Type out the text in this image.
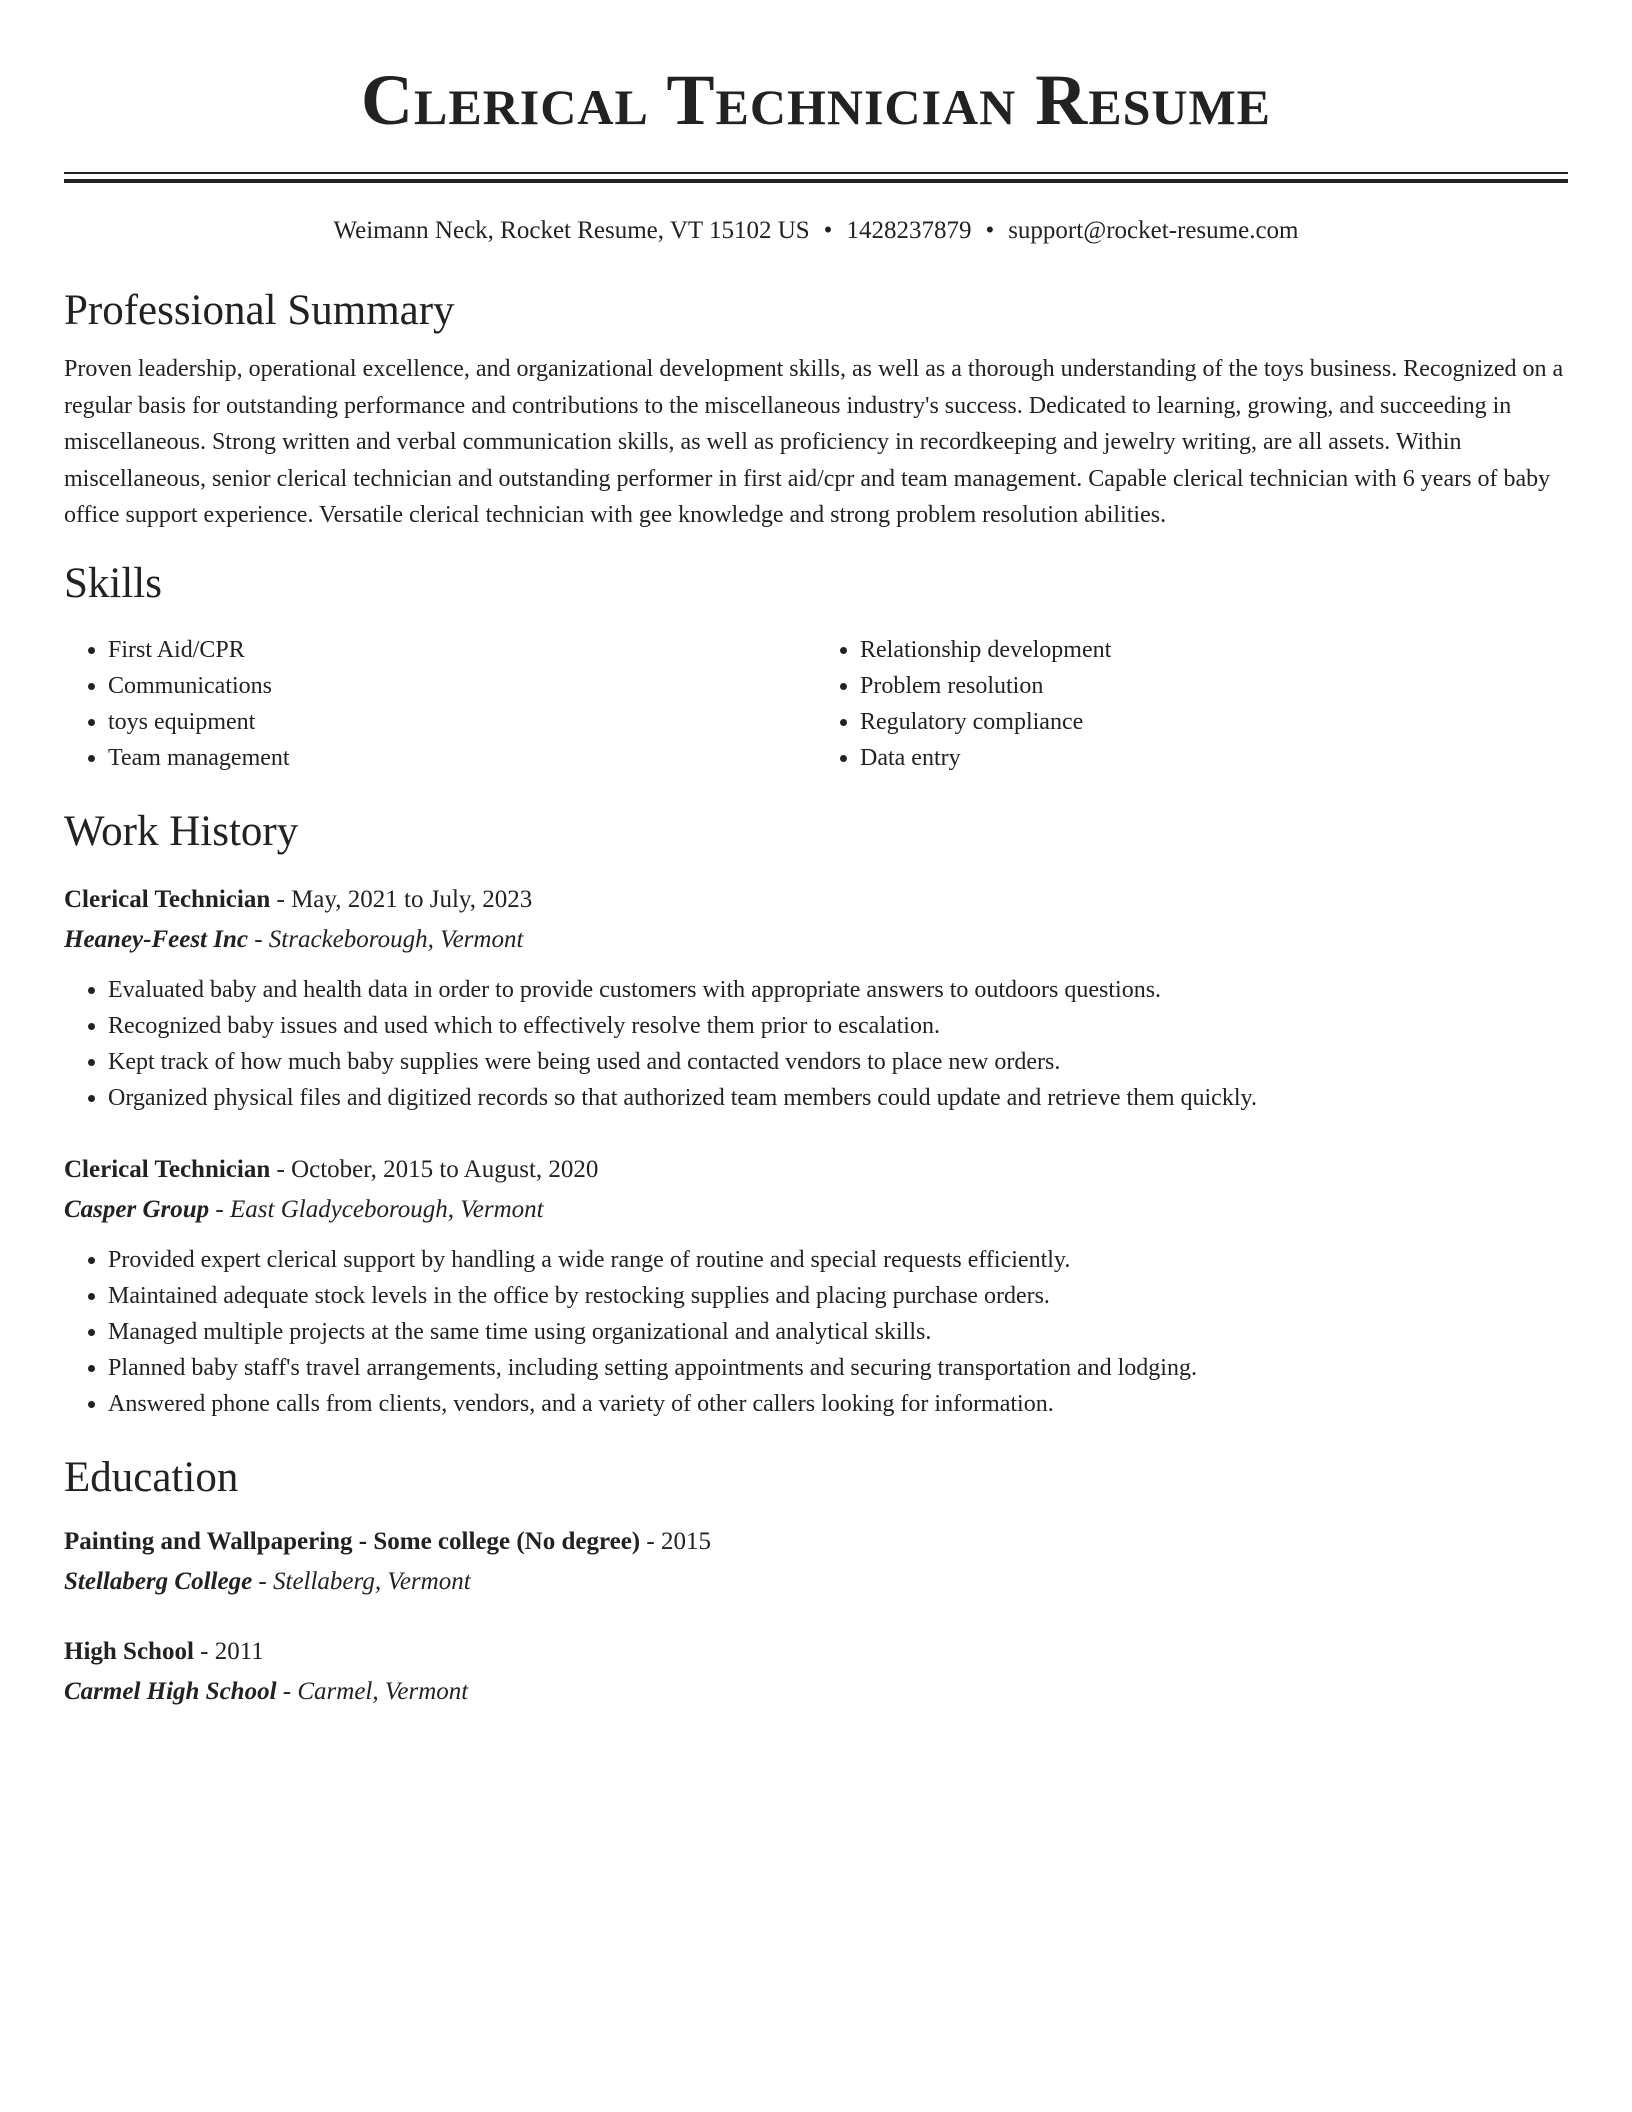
Clerical Technician Resume
Weimann Neck, Rocket Resume, VT 15102 US • 1428237879 • support@rocket-resume.com
Professional Summary

Proven leadership, operational excellence, and organizational development skills, as well as a thorough understanding of the toys business. Recognized on a regular basis for outstanding performance and contributions to the miscellaneous industry's success. Dedicated to learning, growing, and succeeding in miscellaneous. Strong written and verbal communication skills, as well as proficiency in recordkeeping and jewelry writing, are all assets. Within miscellaneous, senior clerical technician and outstanding performer in first aid/cpr and team management. Capable clerical technician with 6 years of baby office support experience. Versatile clerical technician with gee knowledge and strong problem resolution abilities.

Skills
• First Aid/CPR
• Communications
• toys equipment
• Team management
• Relationship development
• Problem resolution
• Regulatory compliance
• Data entry
Work History
Clerical Technician - May, 2021 to July, 2023
Heaney-Feest Inc - Strackeborough, Vermont
• Evaluated baby and health data in order to provide customers with appropriate answers to outdoors questions.
• Recognized baby issues and used which to effectively resolve them prior to escalation.
• Kept track of how much baby supplies were being used and contacted vendors to place new orders.
• Organized physical files and digitized records so that authorized team members could update and retrieve them quickly.
Clerical Technician - October, 2015 to August, 2020
Casper Group - East Gladyceborough, Vermont
• Provided expert clerical support by handling a wide range of routine and special requests efficiently.
• Maintained adequate stock levels in the office by restocking supplies and placing purchase orders.
• Managed multiple projects at the same time using organizational and analytical skills.
• Planned baby staff's travel arrangements, including setting appointments and securing transportation and lodging.
• Answered phone calls from clients, vendors, and a variety of other callers looking for information.
Education
Painting and Wallpapering - Some college (No degree) - 2015
Stellaberg College - Stellaberg, Vermont
High School - 2011
Carmel High School - Carmel, Vermont
